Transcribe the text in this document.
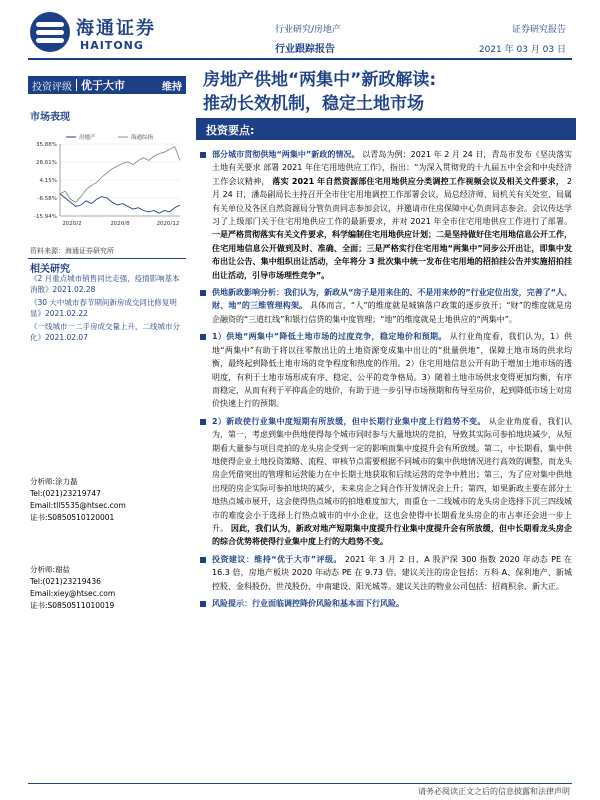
海通证券
HAITONG
行业研究/房地产
行业跟踪报告
证券研究报告
2021 年 03 月 03 日
投资评级 优于大市	维持
市场表现
35.88%
28.61%
4.15%
-6.58%
-15.94%
2020/2	2020/8	2020/12
房地产	海通综指
资料来源：海通证券研究所
相关研究
《2 月重点城市销售同比走强，疫情影响基本消散》2021.02.28
《30 大中城市春节期间新房成交同比修复明显》2021.02.22
《一线城市一二手房成交量上升，二线城市分化》2021.02.07
分析师:涂力磊
Tel:(021)23219747
Email:tll5535@htsec.com
证书:S0850510120001
分析师:谢盐
Tel:(021)23219436
Email:xiey@htsec.com
证书:S0850511010019
房地产供地“两集中”新政解读:
推动长效机制，稳定土地市场
投资要点:
部分城市贯彻供地“两集中”新政的情况。 以青岛为例：2021 年 2 月 24 日，青岛市发布《坚决落实土地有关要求 部署 2021 年住宅用地供应工作》，指出：“为深入贯彻党的十九届五中全会和中央经济工作会议精神， 落实 2021 年自然资源部住宅用地供应分类调控工作视频会议及相关文件要求， 2 月 24 日，潘岛副局长主持召开全市住宅用地调控工作部署会议，局总经济师、局机关有关处室、局属有关单位及各区自然资源局分管负责同志参加会议，并邀请市住房保障中心负责同志参会。会议传达学习了上级部门关于住宅用地供应工作的最新要求，并对 2021 年全市住宅用地供应工作进行了部署。 一是严格贯彻落实有关文件要求，科学编制住宅用地供应计划；二是坚持做好住宅用地信息公开工作，住宅用地信息公开做到及时、准确、全面；三是严格实行住宅用地“两集中”同步公开出让，即集中发布出让公告、集中组织出让活动，全年将分 3 批次集中统一发布住宅用地的招拍挂公告并实施招拍挂出让活动，引导市场理性竞争”。
供地新政影响分析：我们认为，新政从“房子是用来住的、不是用来炒的”行业定位出发，完善了“人、财、地”的三维管理构架。 具体而言，“人”的维度就是城镇落户政策的逐步放开；“财”的维度就是房企融资的“三道红线”和银行信贷的集中度管理；“地”的维度就是土地供应的“两集中”。
1）供地“两集中”降低土地市场的过度竞争，稳定地价和预期。 从行业角度看，我们认为，1）供地“两集中”有助于将以往零散出让的土地资源变成集中出让的“批量供地”，保障土地市场的供求均衡，最终起到降低土地市场的竞争程度和热度的作用。2）住宅用地信息公开有助于增加土地市场的透明度，有利于土地市场形成有序、稳定、公平的竞争格局。3）随着土地市场供求变得更加均衡，有序而稳定，从而有利于平抑高企的地价，有助于进一步引导市场预期和传导至房价，起到降低市场上对房价快速上行的预期。
2）新政使行业集中度短期有所放缓，但中长期行业集中度上行趋势不变。 从企业角度看，我们认为，第一，考虑到集中供地使得每个城市同时参与大量地块的竞拍，导致其实际可参拍地块减少，从短期看大量参与项目竞拍的龙头房企受到一定的影响而集中度提升会有所放缓。第二，中长期看，集中供地使得企业土地投资策略、流程、审核节点需要根据不同城市的集中供地情况进行高效的调整，而龙头房企凭借突出的管理和运营能力在中长期土地获取和后续运营的竞争中胜出；第三，为了应对集中供地出现的房企实际可参拍地块的减少，未来房企之间合作开发情况会上升；第四，如果新政主要在部分土地热点城市展开，这会使得热点城市的拍地难度加大，而重仓一二线城市的龙头房企选择下沉三四线城市的难度会小于选择上行热点城市的中小企业，这也会使得中长期看龙头房企的市占率还会进一步上升。 因此，我们认为，新政对地产短期集中度提升行业集中度提升会有所放缓，但中长期看龙头房企的综合优势将使得行业集中度上行的大趋势不变。
投资建议：维持“优于大市”评级。 2021 年 3 月 2 日，A 股沪深 300 指数 2020 年动态 PE 在 16.3 倍，房地产板块 2020 年动态 PE 在 9.73 倍。建议关注的房企包括：万科 A、保利地产、新城控股、金科股份、世茂股份、中南建设、阳光城等。建议关注的物业公司包括：招商积余、新大正。
风险提示：行业面临调控降价风险和基本面下行风险。
请务必阅读正文之后的信息披露和法律声明
